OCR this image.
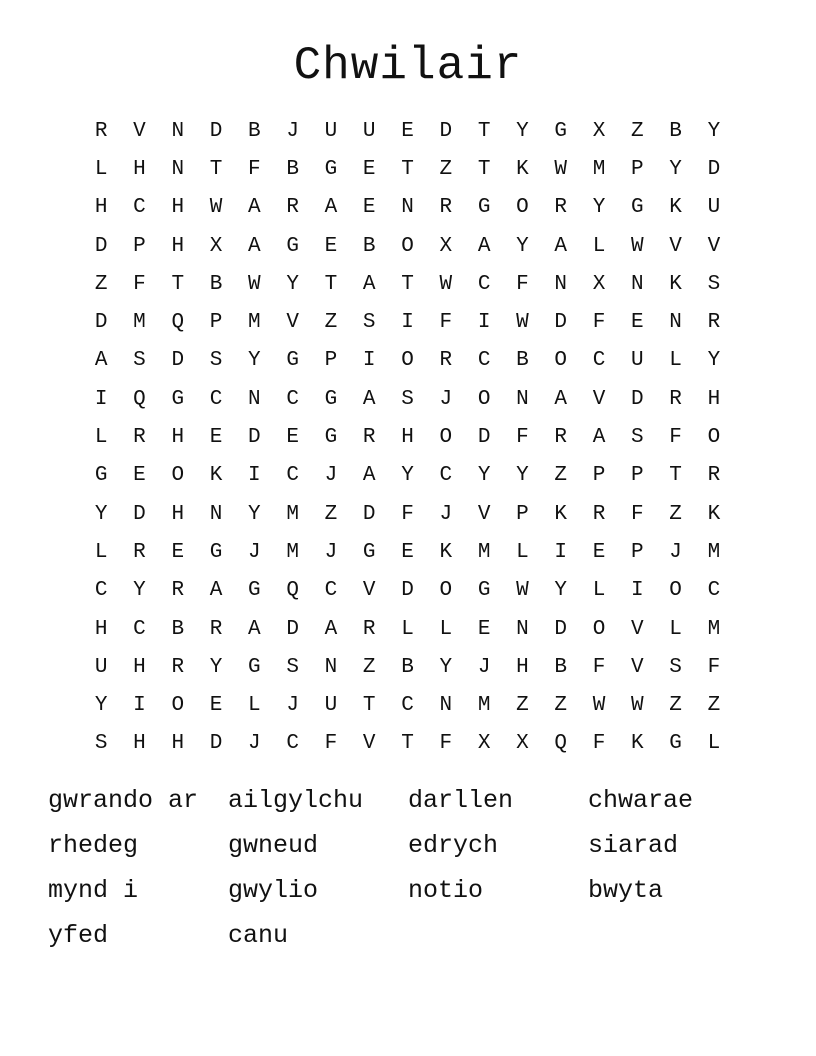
Chwilair
R	V	N	D	B	J	U	U	E	D	T	Y	G	X	Z	B	Y
L	H	N	T	F	B	G	E	T	Z	T	K	W	M	P	Y	D
H	C	H	W	A	R	A	E	N	R	G	O	R	Y	G	K	U
D	P	H	X	A	G	E	B	O	X	A	Y	A	L	W	V	V
Z	F	T	B	W	Y	T	A	T	W	C	F	N	X	N	K	S
D	M	Q	P	M	V	Z	S	I	F	I	W	D	F	E	N	R
A	S	D	S	Y	G	P	I	O	R	C	B	O	C	U	L	Y
I	Q	G	C	N	C	G	A	S	J	O	N	A	V	D	R	H
L	R	H	E	D	E	G	R	H	O	D	F	R	A	S	F	O
G	E	O	K	I	C	J	A	Y	C	Y	Y	Z	P	P	T	R
Y	D	H	N	Y	M	Z	D	F	J	V	P	K	R	F	Z	K
L	R	E	G	J	M	J	G	E	K	M	L	I	E	P	J	M
C	Y	R	A	G	Q	C	V	D	O	G	W	Y	L	I	O	C
H	C	B	R	A	D	A	R	L	L	E	N	D	O	V	L	M
U	H	R	Y	G	S	N	Z	B	Y	J	H	B	F	V	S	F
Y	I	O	E	L	J	U	T	C	N	M	Z	Z	W	W	Z	Z
S	H	H	D	J	C	F	V	T	F	X	X	Q	F	K	G	L
gwrando ar	ailgylchu	darllen	chwarae
rhedeg	gwneud	edrych	siarad
mynd i	gwylio	notio	bwyta
yfed	canu
